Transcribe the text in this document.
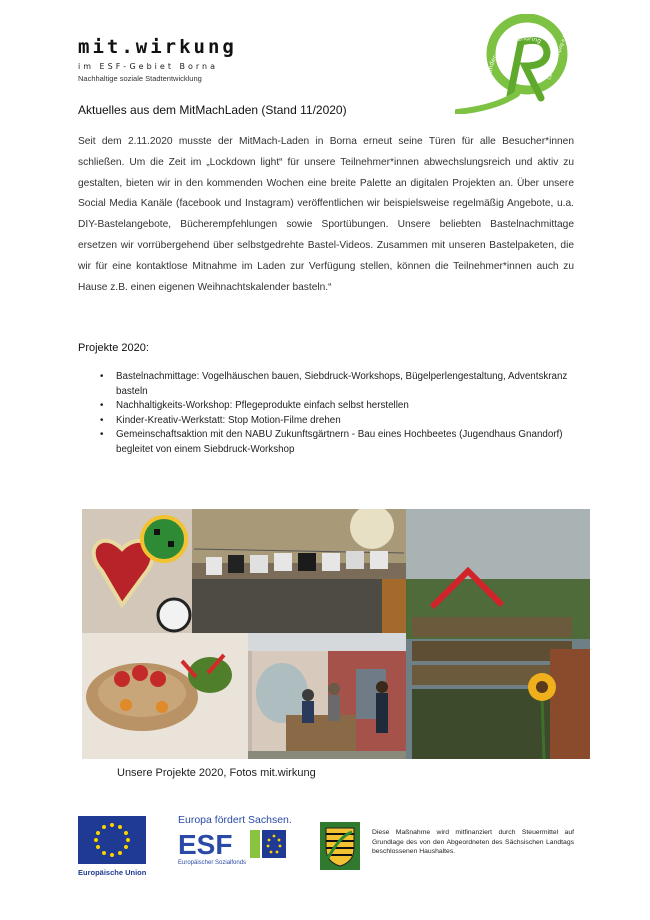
mit.wirkung
im ESF-Gebiet Borna
Nachhaltige soziale Stadtentwicklung
Kinder- und Jugendring Landkreis Leipzig e.V.
Aktuelles aus dem MitMachLaden (Stand 11/2020)
Seit dem 2.11.2020 musste der MitMach-Laden in Borna erneut seine Türen für alle Besucher*innen schließen. Um die Zeit im „Lockdown light“ für unsere Teilnehmer*innen abwechslungsreich und aktiv zu gestalten, bieten wir in den kommenden Wochen eine breite Palette an digitalen Projekten an. Über unsere Social Media Kanäle (facebook und Instagram) veröffentlichen wir beispielsweise regelmäßig Angebote, u.a. DIY-Bastelangebote, Bücherempfehlungen sowie Sportübungen. Unsere beliebten Bastelnachmittage ersetzen wir vorrübergehend über selbstgedrehte Bastel-Videos. Zusammen mit unseren Bastelpaketen, die wir für eine kontaktlose Mitnahme im Laden zur Verfügung stellen, können die Teilnehmer*innen auch zu Hause z.B. einen eigenen Weihnachtskalender basteln.“
Projekte 2020:
• Bastelnachmittage: Vogelhäuschen bauen, Siebdruck-Workshops, Bügelperlengestaltung, Adventskranz basteln
• Nachhaltigkeits-Workshop: Pflegeprodukte einfach selbst herstellen
• Kinder-Kreativ-Werkstatt: Stop Motion-Filme drehen
• Gemeinschaftsaktion mit den NABU Zukunftsgärtnern - Bau eines Hochbeetes (Jugendhaus Gnandorf) begleitet von einem Siebdruck-Workshop
Unsere Projekte 2020, Fotos mit.wirkung
Europäische Union
Europa fördert Sachsen.
ESF
Europäischer Sozialfonds
Diese Maßnahme wird mitfinanziert durch Steuermittel auf Grundlage des von den Abgeordneten des Sächsischen Landtags beschlossenen Haushaltes.
